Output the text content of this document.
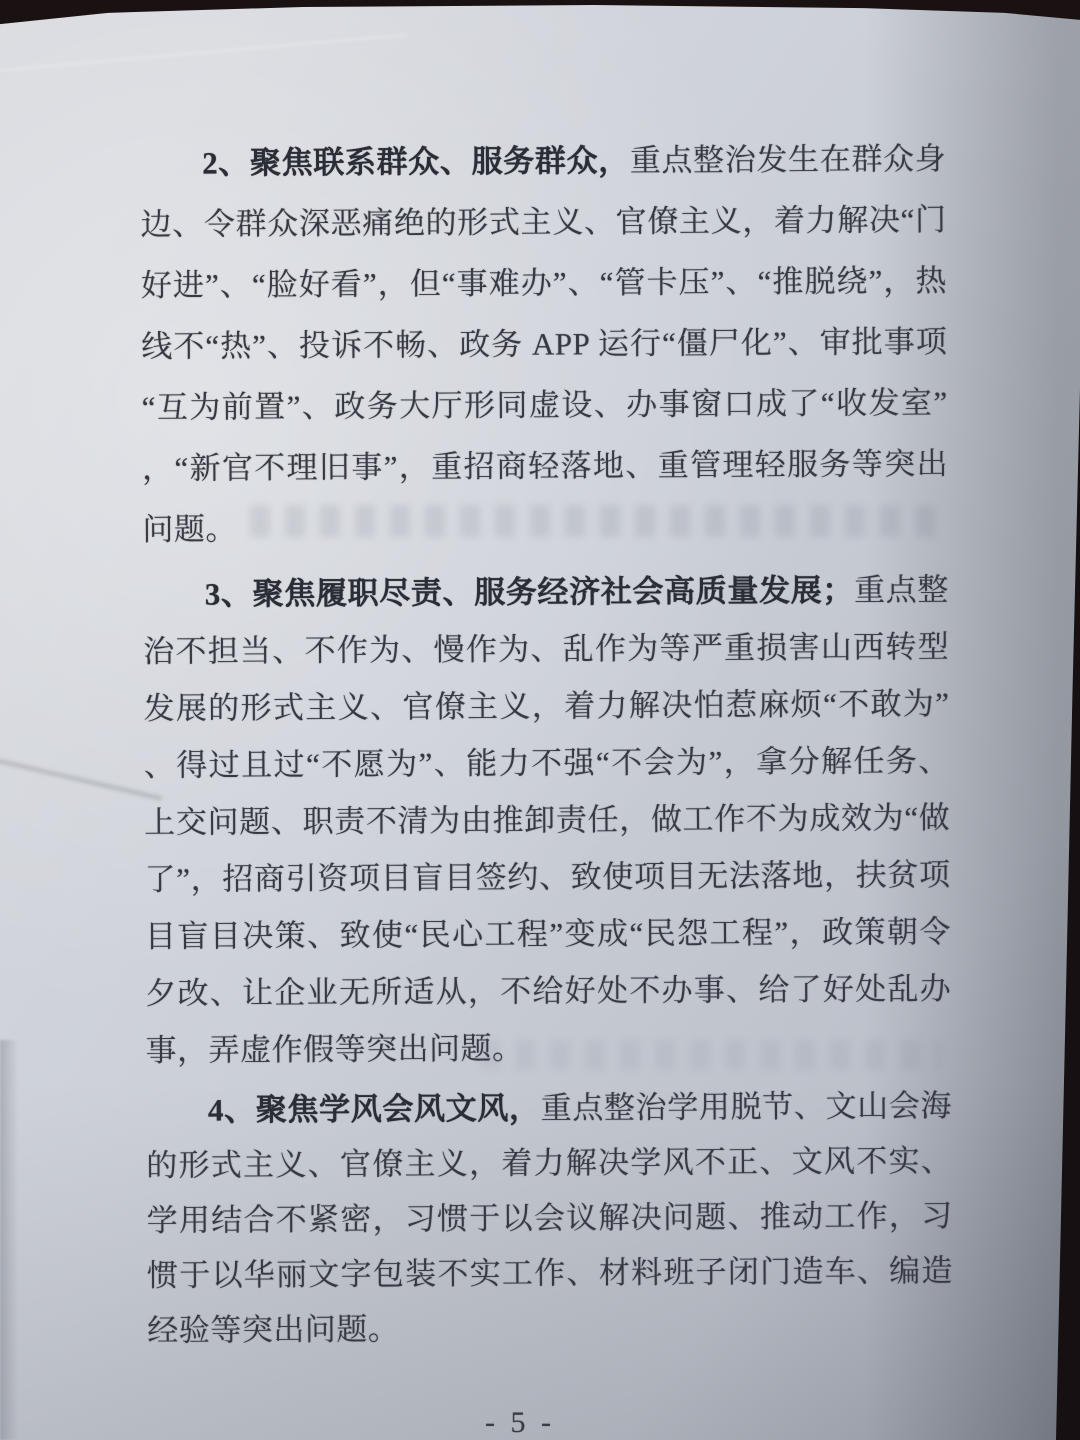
2、聚焦联系群众、服务群众，重点整治发生在群众身边、令群众深恶痛绝的形式主义、官僚主义，着力解决“门好进”、“脸好看”，但“事难办”、“管卡压”、“推脱绕”，热线不“热”、投诉不畅、政务 APP 运行“僵尸化”、审批事项“互为前置”、政务大厅形同虚设、办事窗口成了“收发室”，“新官不理旧事”，重招商轻落地、重管理轻服务等突出问题。

3、聚焦履职尽责、服务经济社会高质量发展；重点整治不担当、不作为、慢作为、乱作为等严重损害山西转型发展的形式主义、官僚主义，着力解决怕惹麻烦“不敢为”、得过且过“不愿为”、能力不强“不会为”，拿分解任务、上交问题、职责不清为由推卸责任，做工作不为成效为“做了”，招商引资项目盲目签约、致使项目无法落地，扶贫项目盲目决策、致使“民心工程”变成“民怨工程”，政策朝令夕改、让企业无所适从，不给好处不办事、给了好处乱办事，弄虚作假等突出问题。

4、聚焦学风会风文风，重点整治学用脱节、文山会海的形式主义、官僚主义，着力解决学风不正、文风不实、学用结合不紧密，习惯于以会议解决问题、推动工作，习惯于以华丽文字包装不实工作、材料班子闭门造车、编造经验等突出问题。

- 5 -
